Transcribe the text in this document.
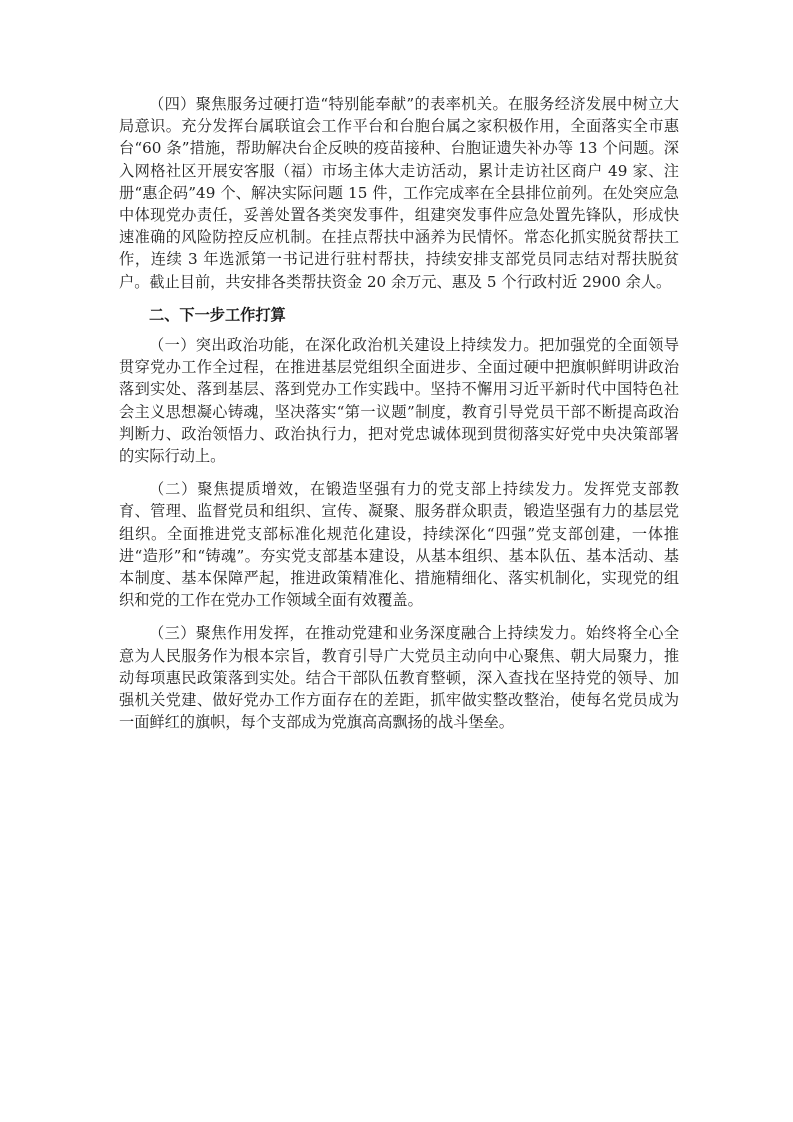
（四）聚焦服务过硬打造“特别能奉献”的表率机关。在服务经济发展中树立大局意识。充分发挥台属联谊会工作平台和台胞台属之家积极作用，全面落实全市惠台“60 条”措施，帮助解决台企反映的疫苗接种、台胞证遗失补办等 13 个问题。深入网格社区开展安客服（福）市场主体大走访活动，累计走访社区商户 49 家、注册“惠企码”49 个、解决实际问题 15 件，工作完成率在全县排位前列。在处突应急中体现党办责任，妥善处置各类突发事件，组建突发事件应急处置先锋队，形成快速准确的风险防控反应机制。在挂点帮扶中涵养为民情怀。常态化抓实脱贫帮扶工作，连续 3 年选派第一书记进行驻村帮扶，持续安排支部党员同志结对帮扶脱贫户。截止目前，共安排各类帮扶资金 20 余万元、惠及 5 个行政村近 2900 余人。

二、下一步工作打算

（一）突出政治功能，在深化政治机关建设上持续发力。把加强党的全面领导贯穿党办工作全过程，在推进基层党组织全面进步、全面过硬中把旗帜鲜明讲政治落到实处、落到基层、落到党办工作实践中。坚持不懈用习近平新时代中国特色社会主义思想凝心铸魂，坚决落实“第一议题”制度，教育引导党员干部不断提高政治判断力、政治领悟力、政治执行力，把对党忠诚体现到贯彻落实好党中央决策部署的实际行动上。

（二）聚焦提质增效，在锻造坚强有力的党支部上持续发力。发挥党支部教育、管理、监督党员和组织、宣传、凝聚、服务群众职责，锻造坚强有力的基层党组织。全面推进党支部标准化规范化建设，持续深化“四强”党支部创建，一体推进“造形”和“铸魂”。夯实党支部基本建设，从基本组织、基本队伍、基本活动、基本制度、基本保障严起，推进政策精准化、措施精细化、落实机制化，实现党的组织和党的工作在党办工作领域全面有效覆盖。

（三）聚焦作用发挥，在推动党建和业务深度融合上持续发力。始终将全心全意为人民服务作为根本宗旨，教育引导广大党员主动向中心聚焦、朝大局聚力，推动每项惠民政策落到实处。结合干部队伍教育整顿，深入查找在坚持党的领导、加强机关党建、做好党办工作方面存在的差距，抓牢做实整改整治，使每名党员成为一面鲜红的旗帜，每个支部成为党旗高高飘扬的战斗堡垒。
